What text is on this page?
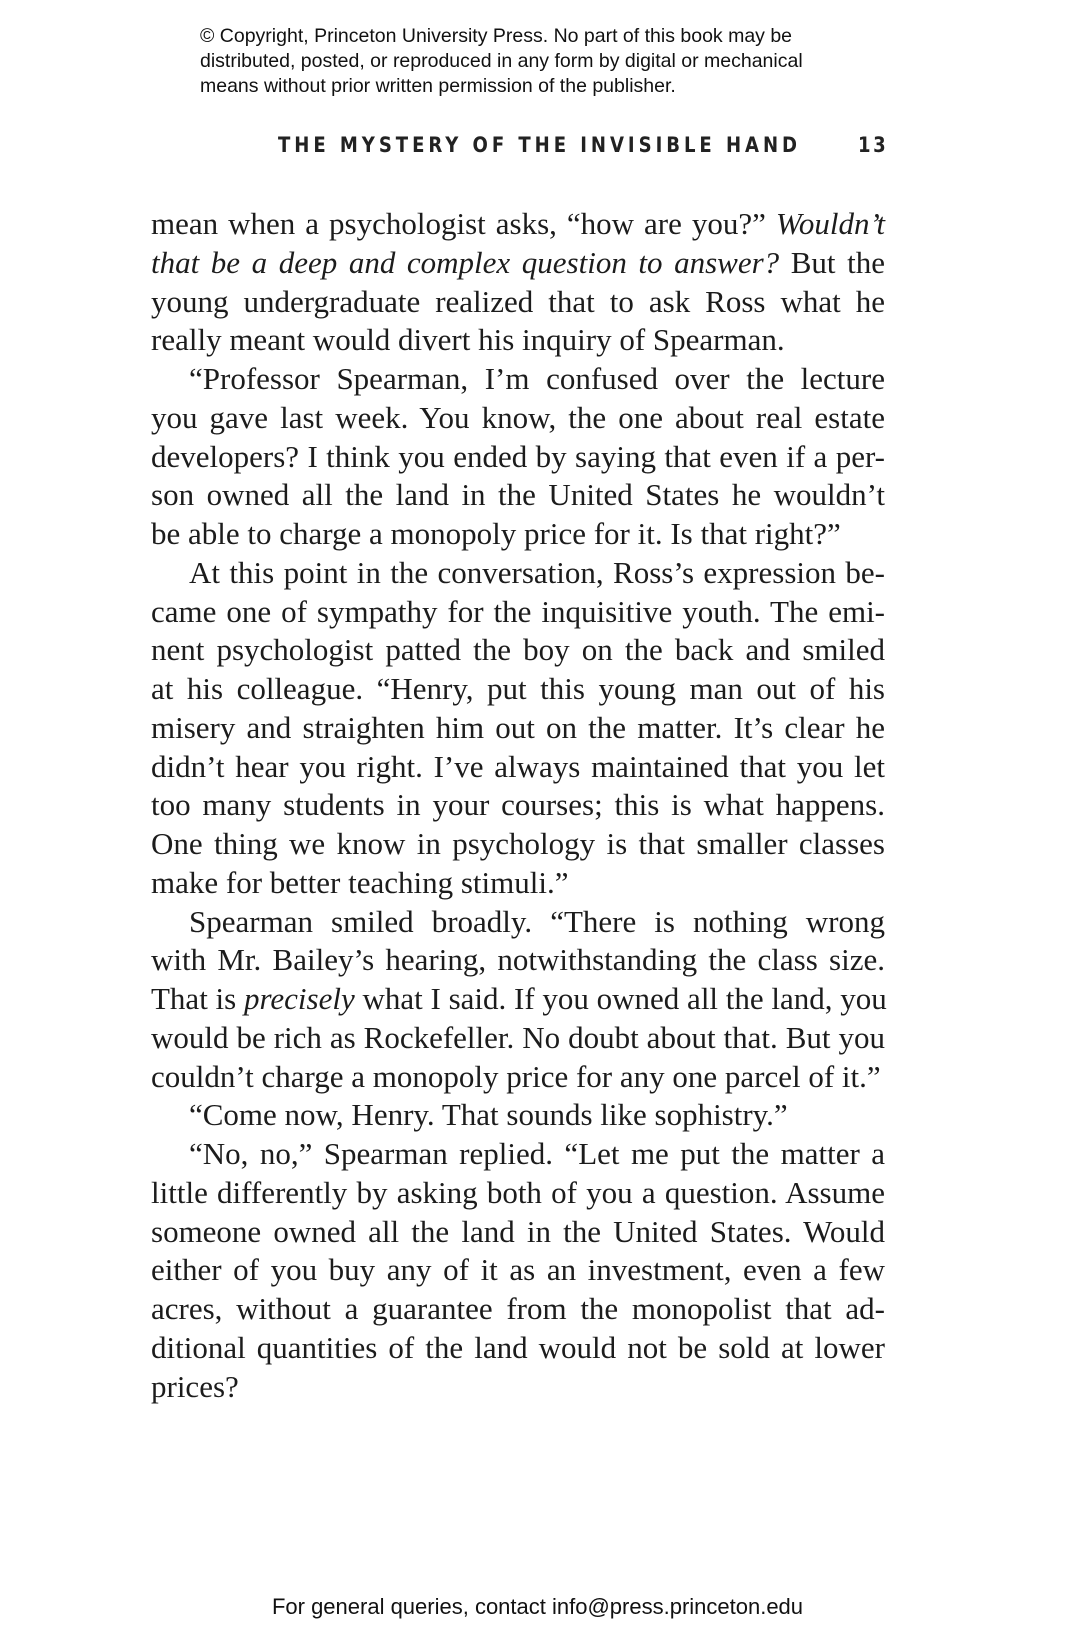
© Copyright, Princeton University Press. No part of this book may be
distributed, posted, or reproduced in any form by digital or mechanical
means without prior written permission of the publisher.
THE MYSTERY OF THE INVISIBLE HAND	13
mean when a psychologist asks, “how are you?” Wouldn’t
that be a deep and complex question to answer? But the
young undergraduate realized that to ask Ross what he
really meant would divert his inquiry of Spearman.
“Professor Spearman, I’m confused over the lecture
you gave last week. You know, the one about real estate
developers? I think you ended by saying that even if a per-
son owned all the land in the United States he wouldn’t
be able to charge a monopoly price for it. Is that right?”
At this point in the conversation, Ross’s expression be-
came one of sympathy for the inquisitive youth. The emi-
nent psychologist patted the boy on the back and smiled
at his colleague. “Henry, put this young man out of his
misery and straighten him out on the matter. It’s clear he
didn’t hear you right. I’ve always maintained that you let
too many students in your courses; this is what happens.
One thing we know in psychology is that smaller classes
make for better teaching stimuli.”
Spearman smiled broadly. “There is nothing wrong
with Mr. Bailey’s hearing, notwithstanding the class size.
That is precisely what I said. If you owned all the land, you
would be rich as Rockefeller. No doubt about that. But you
couldn’t charge a monopoly price for any one parcel of it.”
“Come now, Henry. That sounds like sophistry.”
“No, no,” Spearman replied. “Let me put the matter a
little differently by asking both of you a question. Assume
someone owned all the land in the United States. Would
either of you buy any of it as an investment, even a few
acres, without a guarantee from the monopolist that ad-
ditional quantities of the land would not be sold at lower
prices?
For general queries, contact info@press.princeton.edu
